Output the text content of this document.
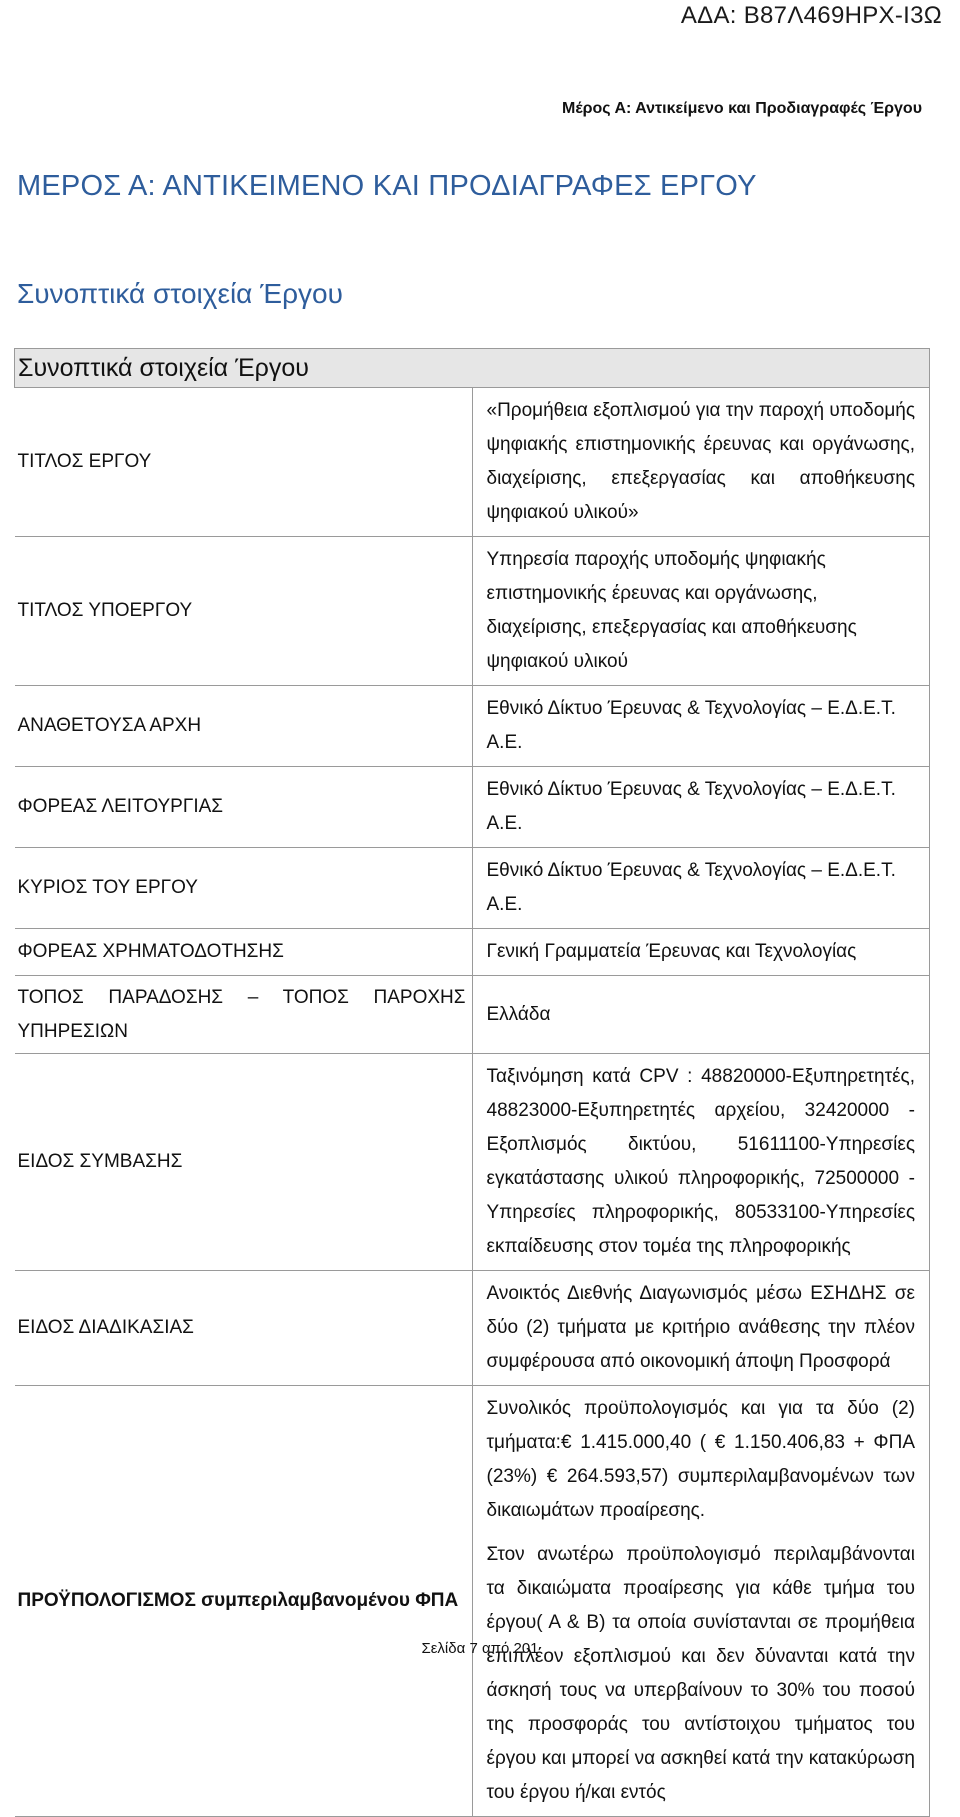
ΑΔΑ: Β87Λ469ΗΡΧ-Ι3Ω
Μέρος Α: Αντικείμενο και Προδιαγραφές Έργου
ΜΕΡΟΣ Α: ΑΝΤΙΚΕΙΜΕΝΟ ΚΑΙ ΠΡΟΔΙΑΓΡΑΦΕΣ ΕΡΓΟΥ
Συνοπτικά στοιχεία Έργου
Συνοπτικά στοιχεία Έργου	
ΤΙΤΛΟΣ ΕΡΓΟΥ	«Προμήθεια εξοπλισμού για την παροχή υποδομής ψηφιακής επιστημονικής έρευνας και οργάνωσης, διαχείρισης, επεξεργασίας και αποθήκευσης ψηφιακού υλικού»
ΤΙΤΛΟΣ ΥΠΟΕΡΓΟΥ	Υπηρεσία παροχής υποδομής ψηφιακής επιστημονικής έρευνας και οργάνωσης, διαχείρισης, επεξεργασίας και αποθήκευσης ψηφιακού υλικού
ΑΝΑΘΕΤΟΥΣΑ ΑΡΧΗ	Εθνικό Δίκτυο Έρευνας & Τεχνολογίας – Ε.Δ.Ε.Τ. Α.Ε.
ΦΟΡΕΑΣ ΛΕΙΤΟΥΡΓΙΑΣ	Εθνικό Δίκτυο Έρευνας & Τεχνολογίας – Ε.Δ.Ε.Τ. Α.Ε.
ΚΥΡΙΟΣ ΤΟΥ ΕΡΓΟΥ	Εθνικό Δίκτυο Έρευνας & Τεχνολογίας – Ε.Δ.Ε.Τ. Α.Ε.
ΦΟΡΕΑΣ ΧΡΗΜΑΤΟΔΟΤΗΣΗΣ	Γενική Γραμματεία Έρευνας και Τεχνολογίας
ΤΟΠΟΣ ΠΑΡΑΔΟΣΗΣ – ΤΟΠΟΣ ΠΑΡΟΧΗΣ ΥΠΗΡΕΣΙΩΝ	Ελλάδα
ΕΙΔΟΣ ΣΥΜΒΑΣΗΣ	Ταξινόμηση κατά CPV : 48820000-Εξυπηρετητές, 48823000-Εξυπηρετητές αρχείου, 32420000 - Εξοπλισμός δικτύου, 51611100-Υπηρεσίες εγκατάστασης υλικού πληροφορικής, 72500000 - Υπηρεσίες πληροφορικής, 80533100-Υπηρεσίες εκπαίδευσης στον τομέα της πληροφορικής
ΕΙΔΟΣ ΔΙΑΔΙΚΑΣΙΑΣ	Ανοικτός Διεθνής Διαγωνισμός μέσω ΕΣΗΔΗΣ σε δύο (2) τμήματα με κριτήριο ανάθεσης την πλέον συμφέρουσα από οικονομική άποψη Προσφορά
ΠΡΟΫΠΟΛΟΓΙΣΜΟΣ συμπεριλαμβανομένου ΦΠΑ	Συνολικός προϋπολογισμός και για τα δύο (2) τμήματα:€ 1.415.000,40 ( € 1.150.406,83 + ΦΠΑ (23%) € 264.593,57) συμπεριλαμβανομένων των δικαιωμάτων προαίρεσης.

Στον ανωτέρω προϋπολογισμό περιλαμβάνονται τα δικαιώματα προαίρεσης για κάθε τμήμα του έργου( Α & Β) τα οποία συνίστανται σε προμήθεια επιπλέον εξοπλισμού και δεν δύνανται κατά την άσκησή τους να υπερβαίνουν το 30% του ποσού της προσφοράς του αντίστοιχου τμήματος του έργου και μπορεί να ασκηθεί κατά την κατακύρωση του έργου ή/και εντός

Σελίδα 7 από 201
